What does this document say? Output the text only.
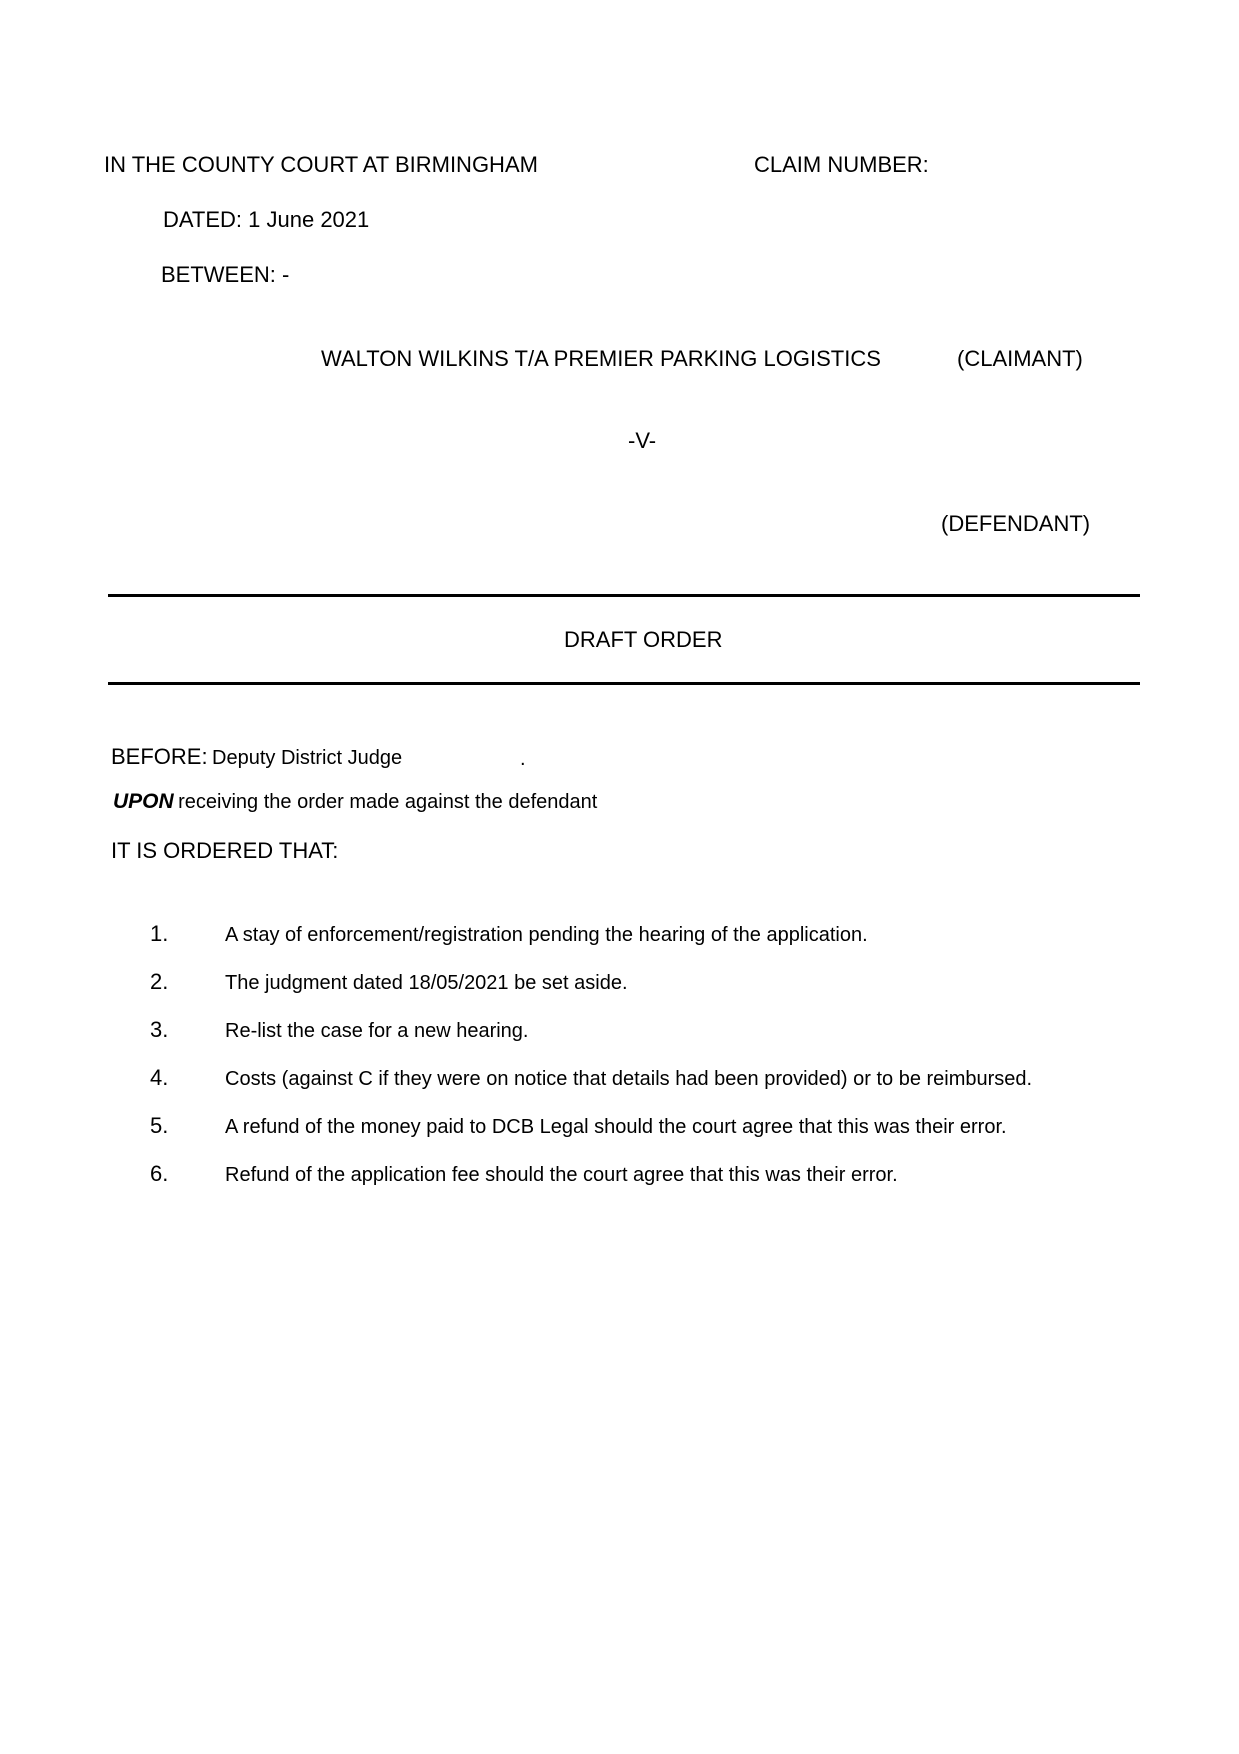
IN THE COUNTY COURT AT BIRMINGHAM	CLAIM NUMBER:
DATED: 1 June 2021
BETWEEN: -
WALTON WILKINS T/A PREMIER PARKING LOGISTICS	(CLAIMANT)
-V-
(DEFENDANT)
DRAFT ORDER
BEFORE: Deputy District Judge	.
UPON receiving the order made against the defendant
IT IS ORDERED THAT:
1.	A stay of enforcement/registration pending the hearing of the application.
2.	The judgment dated 18/05/2021 be set aside.
3.	Re-list the case for a new hearing.
4.	Costs (against C if they were on notice that details had been provided) or to be reimbursed.
5.	A refund of the money paid to DCB Legal should the court agree that this was their error.
6.	Refund of the application fee should the court agree that this was their error.
